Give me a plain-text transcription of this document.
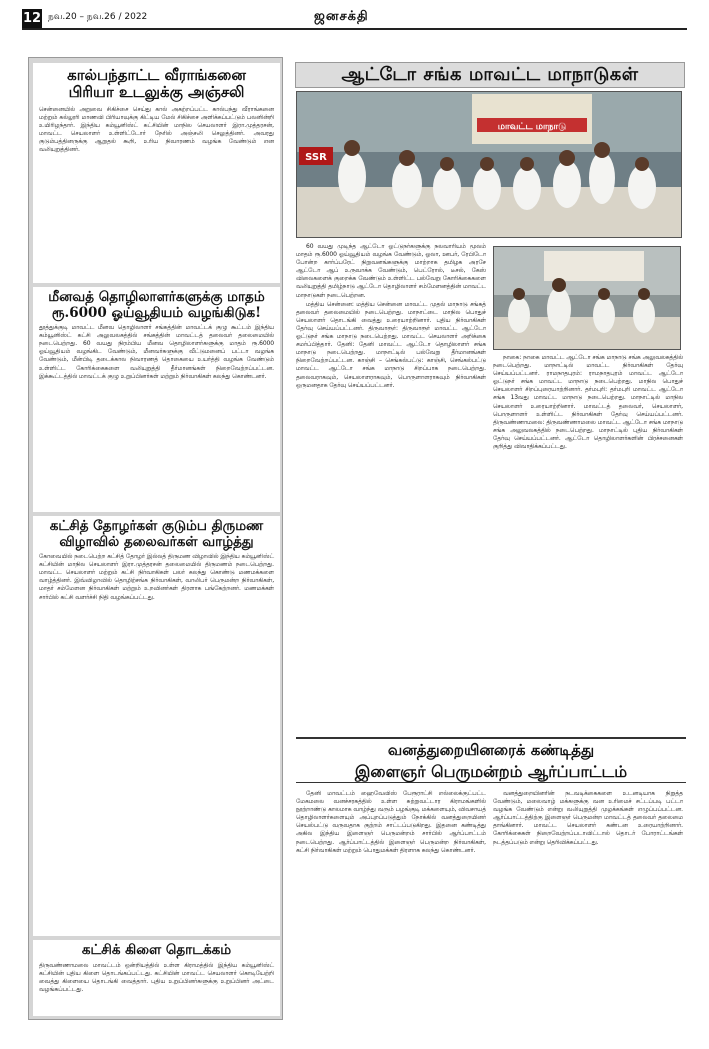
12 நவ.20 – நவ.26 / 2022	ஜனசக்தி
கால்பந்தாட்ட வீராங்கனை
பிரியா உடலுக்கு அஞ்சலி
சென்னையில் அறுவை சிகிச்சை செய்து கால் அகற்றப்பட்ட கால்பந்து வீராங்கனை மற்றும் கல்லூரி மாணவி பிரியாவுக்கு கிட்டிய மேல் சிகிச்சை அளிக்கப்பட்டும் பலனின்றி உயிரிழந்தார். இந்திய கம்யூனிஸ்ட் கட்சியின் மாநில செயலாளர் இரா.முத்தரசன், மாவட்ட செயலாளர் உள்ளிட்டோர் நேரில் அஞ்சலி செலுத்தினர். அவரது குடும்பத்தினருக்கு ஆறுதல் கூறி, உரிய நிவாரணம் வழங்க வேண்டும் என வலியுறுத்தினர்.
மீனவத் தொழிலாளர்களுக்கு மாதம்
ரூ.6000 ஓய்வூதியம் வழங்கிடுக!
தூத்துக்குடி மாவட்ட மீனவ தொழிலாளர் சங்கத்தின் மாவட்டக் குழு கூட்டம் இந்திய கம்யூனிஸ்ட் கட்சி அலுவலகத்தில் சங்கத்தின் மாவட்டத் தலைவர் தலைமையில் நடைபெற்றது. 60 வயது நிரம்பிய மீனவ தொழிலாளர்களுக்கு மாதம் ரூ.6000 ஓய்வூதியம் வழங்கிட வேண்டும், மீனவர்களுக்கு வீட்டுமனைப் பட்டா வழங்க வேண்டும், மீன்பிடி தடைக்கால நிவாரணத் தொகையை உயர்த்தி வழங்க வேண்டும் உள்ளிட்ட கோரிக்கைகளை வலியுறுத்தி தீர்மானங்கள் நிறைவேற்றப்பட்டன. இக்கூட்டத்தில் மாவட்டக் குழு உறுப்பினர்கள் மற்றும் நிர்வாகிகள் கலந்து கொண்டனர்.
கட்சித் தோழர்கள் குடும்ப திருமண
விழாவில் தலைவர்கள் வாழ்த்து
கோவையில் நடைபெற்ற கட்சித் தோழர் இல்லத் திருமண விழாவில் இந்திய கம்யூனிஸ்ட் கட்சியின் மாநில செயலாளர் இரா.முத்தரசன் தலைமையில் திருமணம் நடைபெற்றது. மாவட்ட செயலாளர் மற்றும் கட்சி நிர்வாகிகள் பலர் கலந்து கொண்டு மணமக்களை வாழ்த்தினர். இவ்விழாவில் தொழிற்சங்க நிர்வாகிகள், வாலிபர் பெருமன்ற நிர்வாகிகள், மாதர் சம்மேளன நிர்வாகிகள் மற்றும் உறவினர்கள் திரளாக பங்கேற்றனர். மணமக்கள் சார்பில் கட்சி வளர்ச்சி நிதி வழங்கப்பட்டது.
கட்சிக் கிளை தொடக்கம்
திருவண்ணாமலை மாவட்டம் ஒன்றியத்தில் உள்ள கிராமத்தில் இந்திய கம்யூனிஸ்ட் கட்சியின் புதிய கிளை தொடங்கப்பட்டது. கட்சியின் மாவட்ட செயலாளர் கொடியேற்றி வைத்து கிளையை தொடங்கி வைத்தார். புதிய உறுப்பினர்களுக்கு உறுப்பினர் அட்டை வழங்கப்பட்டது.
ஆட்டோ சங்க மாவட்ட மாநாடுகள்
மாவட்ட மாநாடு
SSR

60 வயது முடிந்த ஆட்டோ ஓட்டுநர்களுக்கு நலவாரியம் மூலம் மாதம் ரூ.6000 ஓய்வூதியம் வழங்க வேண்டும், ஓலா, ஊபர், ரேபிடோ போன்ற கார்ப்பரேட் நிறுவனங்களுக்கு மாற்றாக தமிழக அரசே ஆட்டோ ஆப் உருவாக்க வேண்டும், பெட்ரோல், டீசல், கேஸ் விலைகளைக் குறைக்க வேண்டும் உள்ளிட்ட பல்வேறு கோரிக்கைகளை வலியுறுத்தி தமிழ்நாடு ஆட்டோ தொழிலாளர் சம்மேளனத்தின் மாவட்ட மாநாடுகள் நடைபெற்றன.

மத்திய சென்னை: மத்திய சென்னை மாவட்ட முதல் மாநாடு சங்கத் தலைவர் தலைமையில் நடைபெற்றது. மாநாட்டை மாநில பொதுச் செயலாளர் தொடங்கி வைத்து உரையாற்றினார். புதிய நிர்வாகிகள் தேர்வு செய்யப்பட்டனர். திருவாரூர்: திருவாரூர் மாவட்ட ஆட்டோ ஓட்டுநர் சங்க மாநாடு நடைபெற்றது. மாவட்ட செயலாளர் அறிக்கை சமர்ப்பித்தார். தேனி: தேனி மாவட்ட ஆட்டோ தொழிலாளர் சங்க மாநாடு நடைபெற்றது. மாநாட்டில் பல்வேறு தீர்மானங்கள் நிறைவேற்றப்பட்டன. காஞ்சி – செங்கல்பட்டு: காஞ்சி, செங்கல்பட்டு மாவட்ட ஆட்டோ சங்க மாநாடு சிறப்பாக நடைபெற்றது. தலைவராகவும், செயலாளராகவும், பொருளாளராகவும் நிர்வாகிகள் ஒருமனதாக தேர்வு செய்யப்பட்டனர்.

நாகை: நாகை மாவட்ட ஆட்டோ சங்க மாநாடு சங்க அலுவலகத்தில் நடைபெற்றது. மாநாட்டில் மாவட்ட நிர்வாகிகள் தேர்வு செய்யப்பட்டனர். ராமநாதபுரம்: ராமநாதபுரம் மாவட்ட ஆட்டோ ஓட்டுநர் சங்க மாவட்ட மாநாடு நடைபெற்றது. மாநில பொதுச் செயலாளர் சிறப்புரையாற்றினார். தர்மபுரி: தர்மபுரி மாவட்ட ஆட்டோ சங்க 13வது மாவட்ட மாநாடு நடைபெற்றது. மாநாட்டில் மாநில செயலாளர் உரையாற்றினார். மாவட்டத் தலைவர், செயலாளர், பொருளாளர் உள்ளிட்ட நிர்வாகிகள் தேர்வு செய்யப்பட்டனர். திருவண்ணாமலை: திருவண்ணாமலை மாவட்ட ஆட்டோ சங்க மாநாடு சங்க அலுவலகத்தில் நடைபெற்றது. மாநாட்டில் புதிய நிர்வாகிகள் தேர்வு செய்யப்பட்டனர். ஆட்டோ தொழிலாளர்களின் பிரச்சனைகள் குறித்து விவாதிக்கப்பட்டது.

வனத்துறையினரைக் கண்டித்து
இளைஞர் பெருமன்றம் ஆர்ப்பாட்டம்

தேனி மாவட்டம் ஹைவேவிஸ் பேரூராட்சி எல்லைக்குட்பட்ட மேகமலை வனச்சரகத்தில் உள்ள சுற்றுவட்டார கிராமங்களில் நூற்றாண்டு காலமாக வாழ்ந்து வரும் பழங்குடி மக்களையும், விவசாயத் தொழிலாளர்களையும் அப்புறப்படுத்தும் நோக்கில் வனத்துறையினர் செயல்பட்டு வருவதாக குற்றம் சாட்டப்படுகிறது. இதனை கண்டித்து அகில இந்திய இளைஞர் பெருமன்றம் சார்பில் ஆர்ப்பாட்டம் நடைபெற்றது. ஆர்ப்பாட்டத்தில் இளைஞர் பெருமன்ற நிர்வாகிகள், கட்சி நிர்வாகிகள் மற்றும் பொதுமக்கள் திரளாக கலந்து கொண்டனர்.

வனத்துறையினரின் நடவடிக்கைகளை உடனடியாக நிறுத்த வேண்டும், மலைவாழ் மக்களுக்கு வன உரிமைச் சட்டப்படி பட்டா வழங்க வேண்டும் என்று வலியுறுத்தி முழக்கங்கள் எழுப்பப்பட்டன. ஆர்ப்பாட்டத்திற்கு இளைஞர் பெருமன்ற மாவட்டத் தலைவர் தலைமை தாங்கினார். மாவட்ட செயலாளர் கண்டன உரையாற்றினார். கோரிக்கைகள் நிறைவேற்றப்படாவிட்டால் தொடர் போராட்டங்கள் நடத்தப்படும் என்று தெரிவிக்கப்பட்டது.
